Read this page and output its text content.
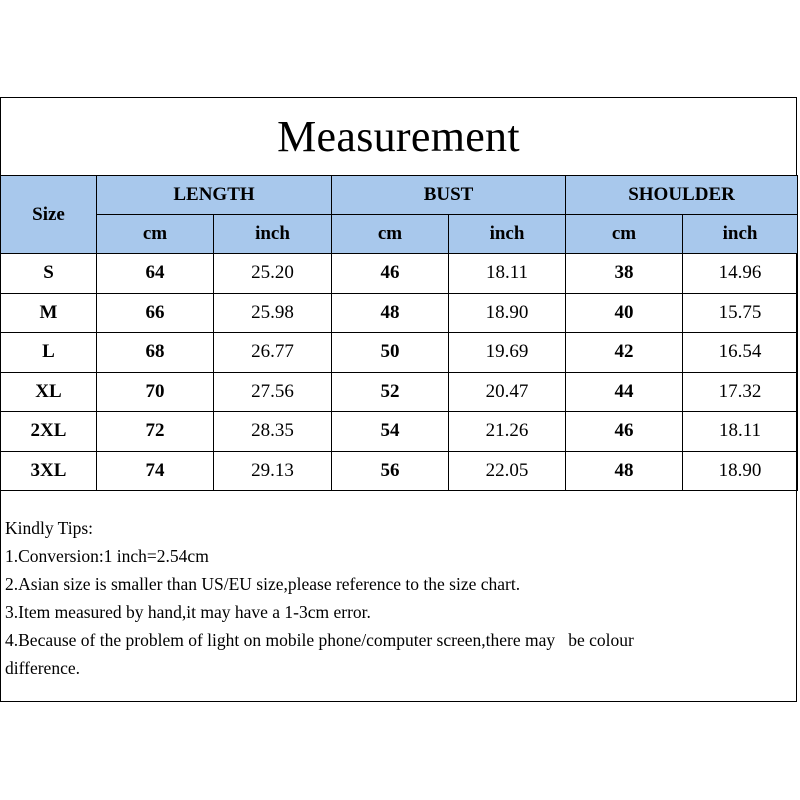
Measurement
Size	LENGTH		BUST		SHOULDER	
	cm	inch	cm	inch	cm	inch
S	64	25.20	46	18.11	38	14.96
M	66	25.98	48	18.90	40	15.75
L	68	26.77	50	19.69	42	16.54
XL	70	27.56	52	20.47	44	17.32
2XL	72	28.35	54	21.26	46	18.11
3XL	74	29.13	56	22.05	48	18.90
Kindly Tips:
1.Conversion:1 inch=2.54cm
2.Asian size is smaller than US/EU size,please reference to the size chart.
3.Item measured by hand,it may have a 1-3cm error.
4.Because of the problem of light on mobile phone/computer screen,there may   be colour
difference.
